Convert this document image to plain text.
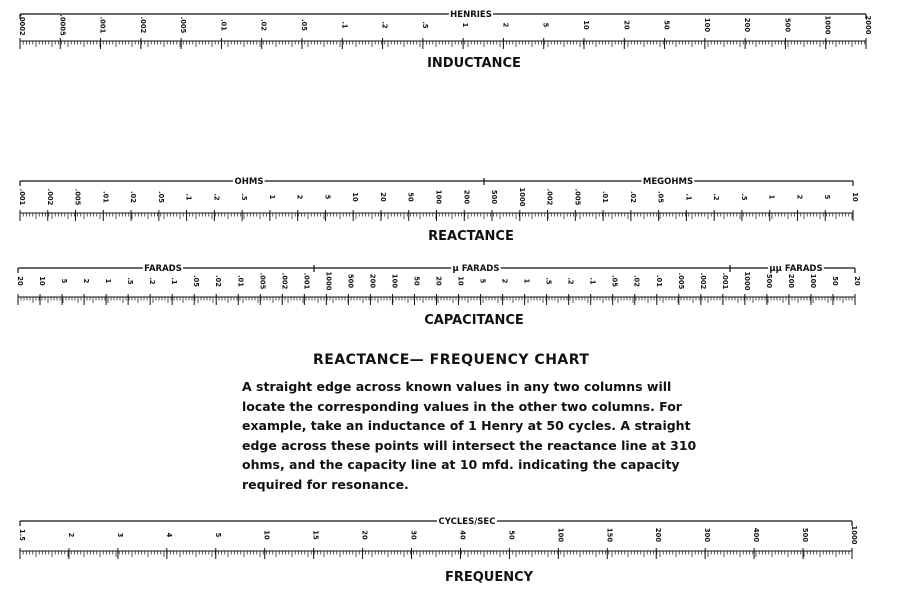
HENRIES
.0002	.0005	.001	.002	.005	.01	.02	.05	.1	.2	.5	1	2	5	10	20	50	100	200	500	1000	2000
INDUCTANCE
OHMS	MEGOHMS
.001	.002	.005	.01	.02	.05	.1	.2	.5	1	2	5	10	20	50	100	200	500	1000	.002	.005	.01	.02	.05	.1	.2	.5	1	2	5	10
REACTANCE
FARADS	µ FARADS	µµ FARADS
20 10 5 2 1 .5 .2 .1 .05 .02 .01 .005 .002 .001 1000 500 200 100 50 20 10 5 2 1 .5 .2 .1 .05 .02 .01 .005 .002 .001 1000 500 200 100 50 20
CAPACITANCE
CYCLES/SEC
1.5	2	3	4	5	10	15	20	30	40	50	100	150	200	300	400	500	1000
FREQUENCY
REACTANCE— FREQUENCY CHART
A straight edge across known values in any two columns will
locate the corresponding values in the other two columns. For
example, take an inductance of 1 Henry at 50 cycles. A straight
edge across these points will intersect the reactance line at 310
ohms, and the capacity line at 10 mfd. indicating the capacity
required for resonance.
